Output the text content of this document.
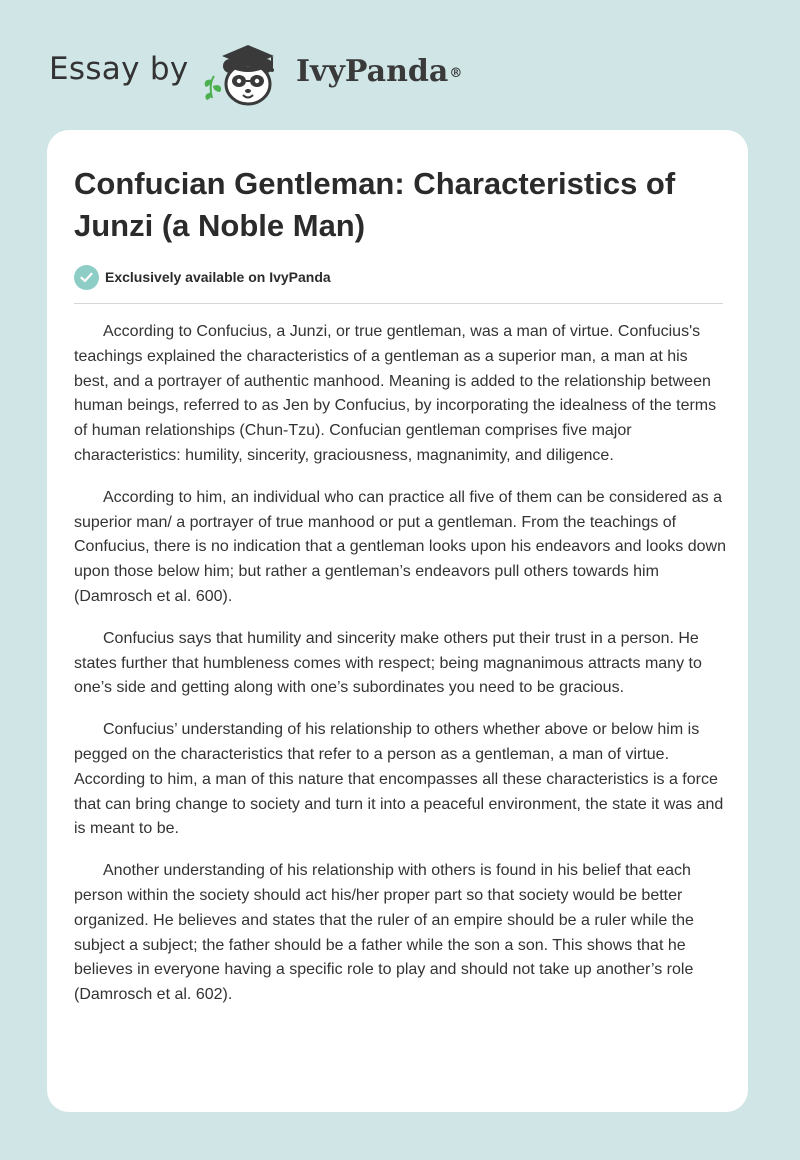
Essay by	IvyPanda®
Confucian Gentleman: Characteristics of Junzi (a Noble Man)
Exclusively available on IvyPanda

According to Confucius, a Junzi, or true gentleman, was a man of virtue. Confucius's teachings explained the characteristics of a gentleman as a superior man, a man at his best, and a portrayer of authentic manhood. Meaning is added to the relationship between human beings, referred to as Jen by Confucius, by incorporating the idealness of the terms of human relationships (Chun-Tzu). Confucian gentleman comprises five major characteristics: humility, sincerity, graciousness, magnanimity, and diligence.

According to him, an individual who can practice all five of them can be considered as a superior man/ a portrayer of true manhood or put a gentleman. From the teachings of Confucius, there is no indication that a gentleman looks upon his endeavors and looks down upon those below him; but rather a gentleman’s endeavors pull others towards him (Damrosch et al. 600).

Confucius says that humility and sincerity make others put their trust in a person. He states further that humbleness comes with respect; being magnanimous attracts many to one’s side and getting along with one’s subordinates you need to be gracious.

Confucius’ understanding of his relationship to others whether above or below him is pegged on the characteristics that refer to a person as a gentleman, a man of virtue. According to him, a man of this nature that encompasses all these characteristics is a force that can bring change to society and turn it into a peaceful environment, the state it was and is meant to be.

Another understanding of his relationship with others is found in his belief that each person within the society should act his/her proper part so that society would be better organized. He believes and states that the ruler of an empire should be a ruler while the subject a subject; the father should be a father while the son a son. This shows that he believes in everyone having a specific role to play and should not take up another’s role (Damrosch et al. 602).
